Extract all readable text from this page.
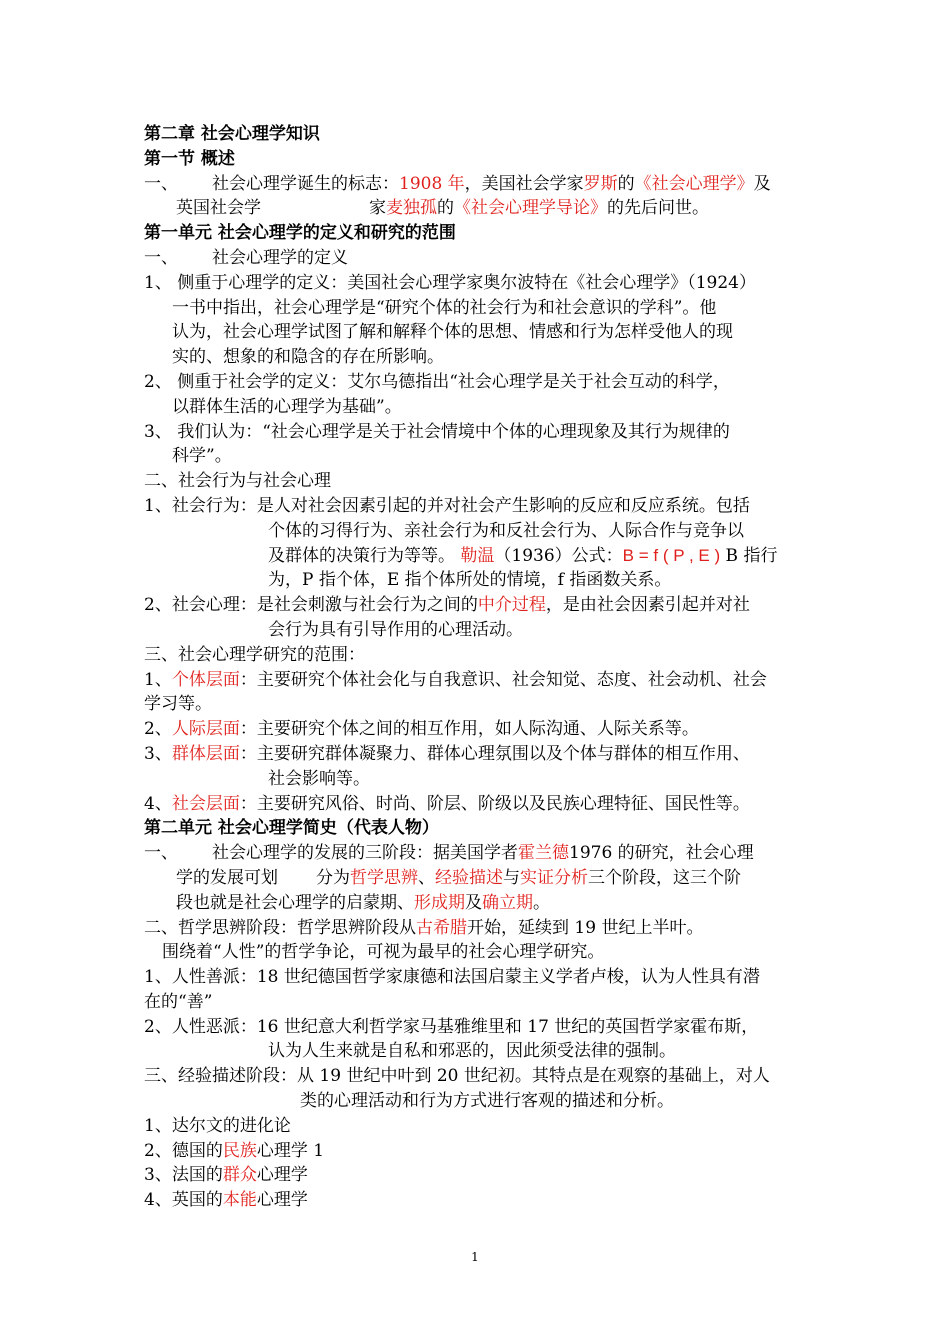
第二章 社会心理学知识
第一节 概述
一、 社会心理学诞生的标志：1908 年，美国社会学家罗斯的《社会心理学》及
英国社会学	家麦独孤的《社会心理学导论》的先后问世。
第一单元 社会心理学的定义和研究的范围
一、 社会心理学的定义
1、 侧重于心理学的定义：美国社会心理学家奥尔波特在《社会心理学》（1924）
一书中指出，社会心理学是“研究个体的社会行为和社会意识的学科”。他
认为，社会心理学试图了解和解释个体的思想、情感和行为怎样受他人的现
实的、想象的和隐含的存在所影响。
2、 侧重于社会学的定义：艾尔乌德指出“社会心理学是关于社会互动的科学，
以群体生活的心理学为基础”。
3、 我们认为：“社会心理学是关于社会情境中个体的心理现象及其行为规律的
科学”。
二、社会行为与社会心理
1、社会行为：是人对社会因素引起的并对社会产生影响的反应和反应系统。包括
个体的习得行为、亲社会行为和反社会行为、人际合作与竞争以
及群体的决策行为等等。 勒温（1936）公式：B = f ( P , E ) B 指行
为，P 指个体，E 指个体所处的情境，f 指函数关系。
2、社会心理：是社会刺激与社会行为之间的中介过程，是由社会因素引起并对社
会行为具有引导作用的心理活动。
三、社会心理学研究的范围：
1、个体层面：主要研究个体社会化与自我意识、社会知觉、态度、社会动机、社会
学习等。
2、人际层面：主要研究个体之间的相互作用，如人际沟通、人际关系等。
3、群体层面：主要研究群体凝聚力、群体心理氛围以及个体与群体的相互作用、
社会影响等。
4、社会层面：主要研究风俗、时尚、阶层、阶级以及民族心理特征、国民性等。
第二单元 社会心理学简史（代表人物）
一、 社会心理学的发展的三阶段：据美国学者霍兰德1976 的研究，社会心理
学的发展可划 分为哲学思辨、经验描述与实证分析三个阶段，这三个阶
段也就是社会心理学的启蒙期、形成期及确立期。
二、哲学思辨阶段：哲学思辨阶段从古希腊开始，延续到 19 世纪上半叶。
围绕着“人性”的哲学争论，可视为最早的社会心理学研究。
1、人性善派：18 世纪德国哲学家康德和法国启蒙主义学者卢梭，认为人性具有潜
在的“善”
2、人性恶派：16 世纪意大利哲学家马基雅维里和 17 世纪的英国哲学家霍布斯，
认为人生来就是自私和邪恶的，因此须受法律的强制。
三、经验描述阶段：从 19 世纪中叶到 20 世纪初。其特点是在观察的基础上，对人
类的心理活动和行为方式进行客观的描述和分析。
1、达尔文的进化论
2、德国的民族心理学 1
3、法国的群众心理学
4、英国的本能心理学
1
